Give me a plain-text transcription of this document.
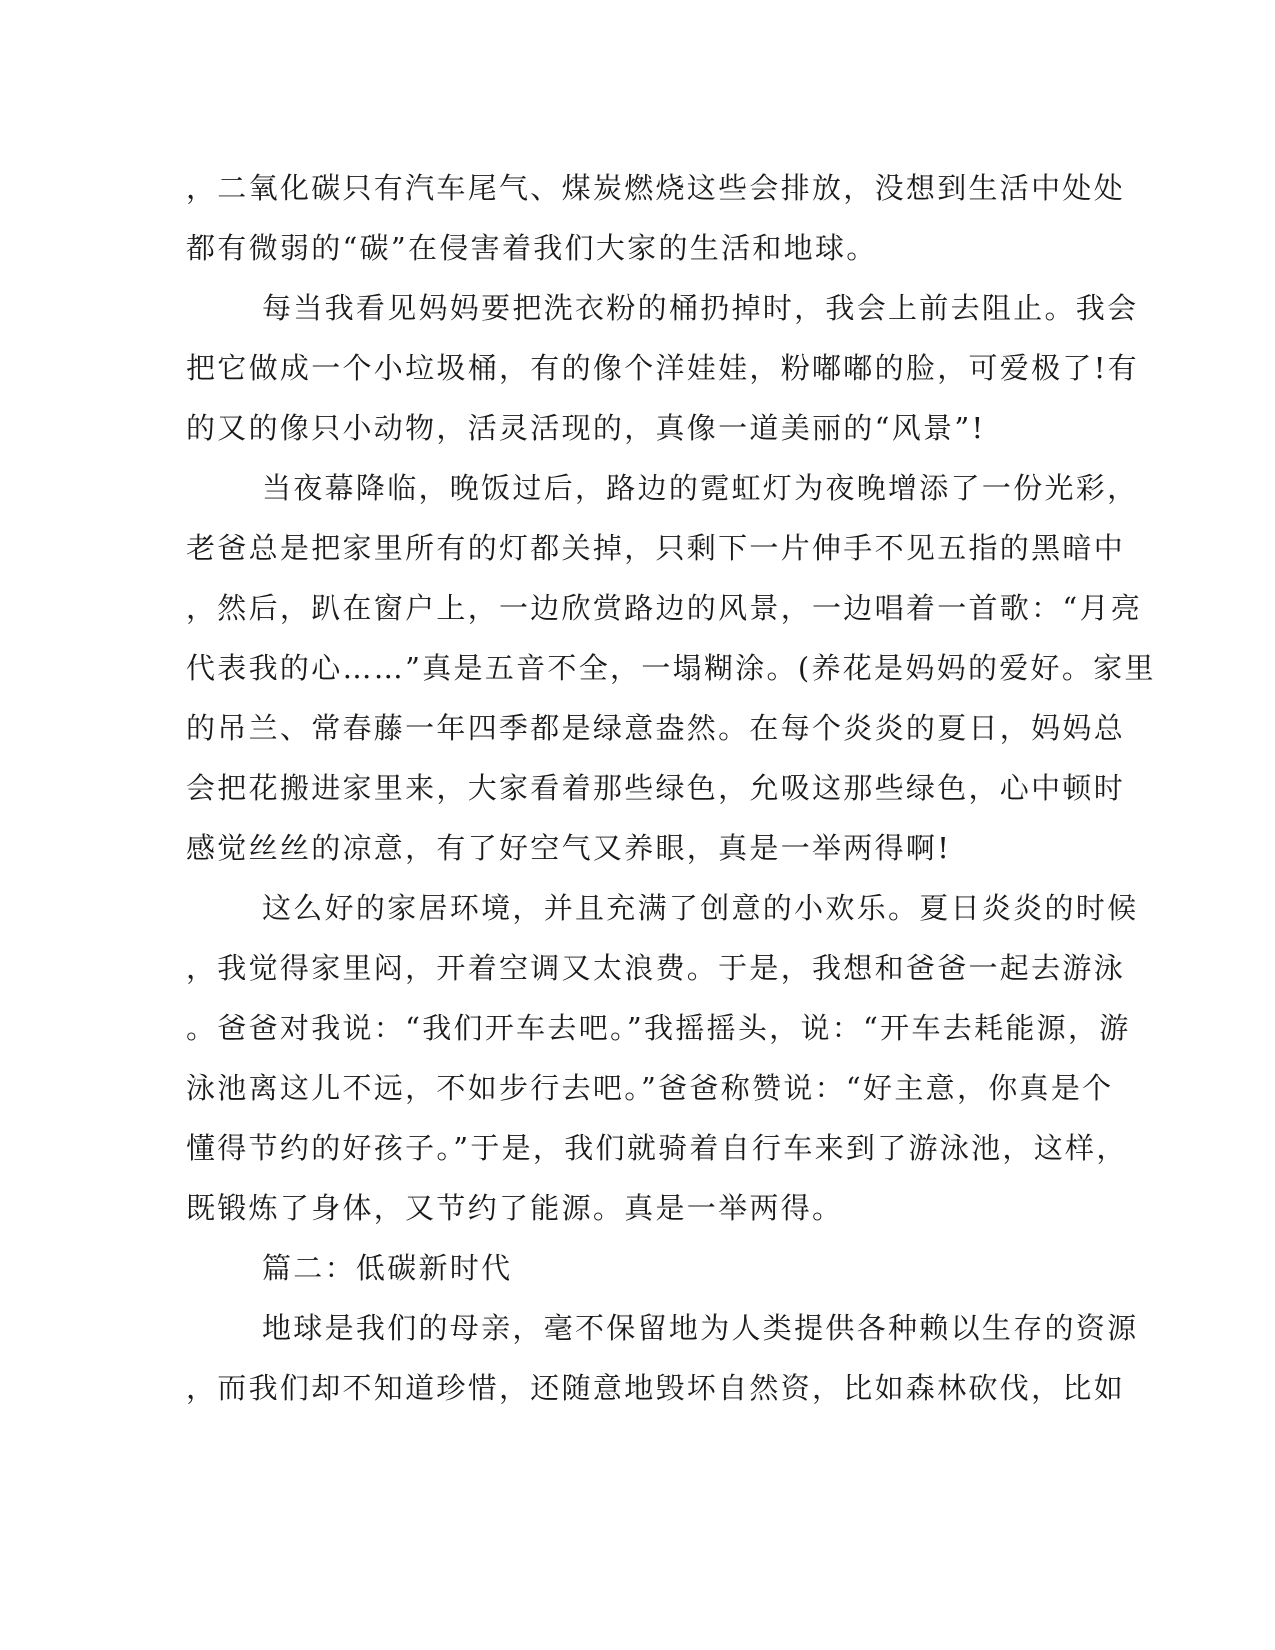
，二氧化碳只有汽车尾气、煤炭燃烧这些会排放，没想到生活中处处
都有微弱的“碳”在侵害着我们大家的生活和地球。
每当我看见妈妈要把洗衣粉的桶扔掉时，我会上前去阻止。我会
把它做成一个小垃圾桶，有的像个洋娃娃，粉嘟嘟的脸，可爱极了!有
的又的像只小动物，活灵活现的，真像一道美丽的“风景”!
当夜幕降临，晚饭过后，路边的霓虹灯为夜晚增添了一份光彩，
老爸总是把家里所有的灯都关掉，只剩下一片伸手不见五指的黑暗中
，然后，趴在窗户上，一边欣赏路边的风景，一边唱着一首歌：“月亮
代表我的心……”真是五音不全，一塌糊涂。(养花是妈妈的爱好。家里
的吊兰、常春藤一年四季都是绿意盎然。在每个炎炎的夏日，妈妈总
会把花搬进家里来，大家看着那些绿色，允吸这那些绿色，心中顿时
感觉丝丝的凉意，有了好空气又养眼，真是一举两得啊!
这么好的家居环境，并且充满了创意的小欢乐。夏日炎炎的时候
，我觉得家里闷，开着空调又太浪费。于是，我想和爸爸一起去游泳
。爸爸对我说：“我们开车去吧。”我摇摇头，说：“开车去耗能源，游
泳池离这儿不远，不如步行去吧。”爸爸称赞说：“好主意，你真是个
懂得节约的好孩子。”于是，我们就骑着自行车来到了游泳池，这样，
既锻炼了身体，又节约了能源。真是一举两得。
篇二：低碳新时代
地球是我们的母亲，毫不保留地为人类提供各种赖以生存的资源
，而我们却不知道珍惜，还随意地毁坏自然资，比如森林砍伐，比如
